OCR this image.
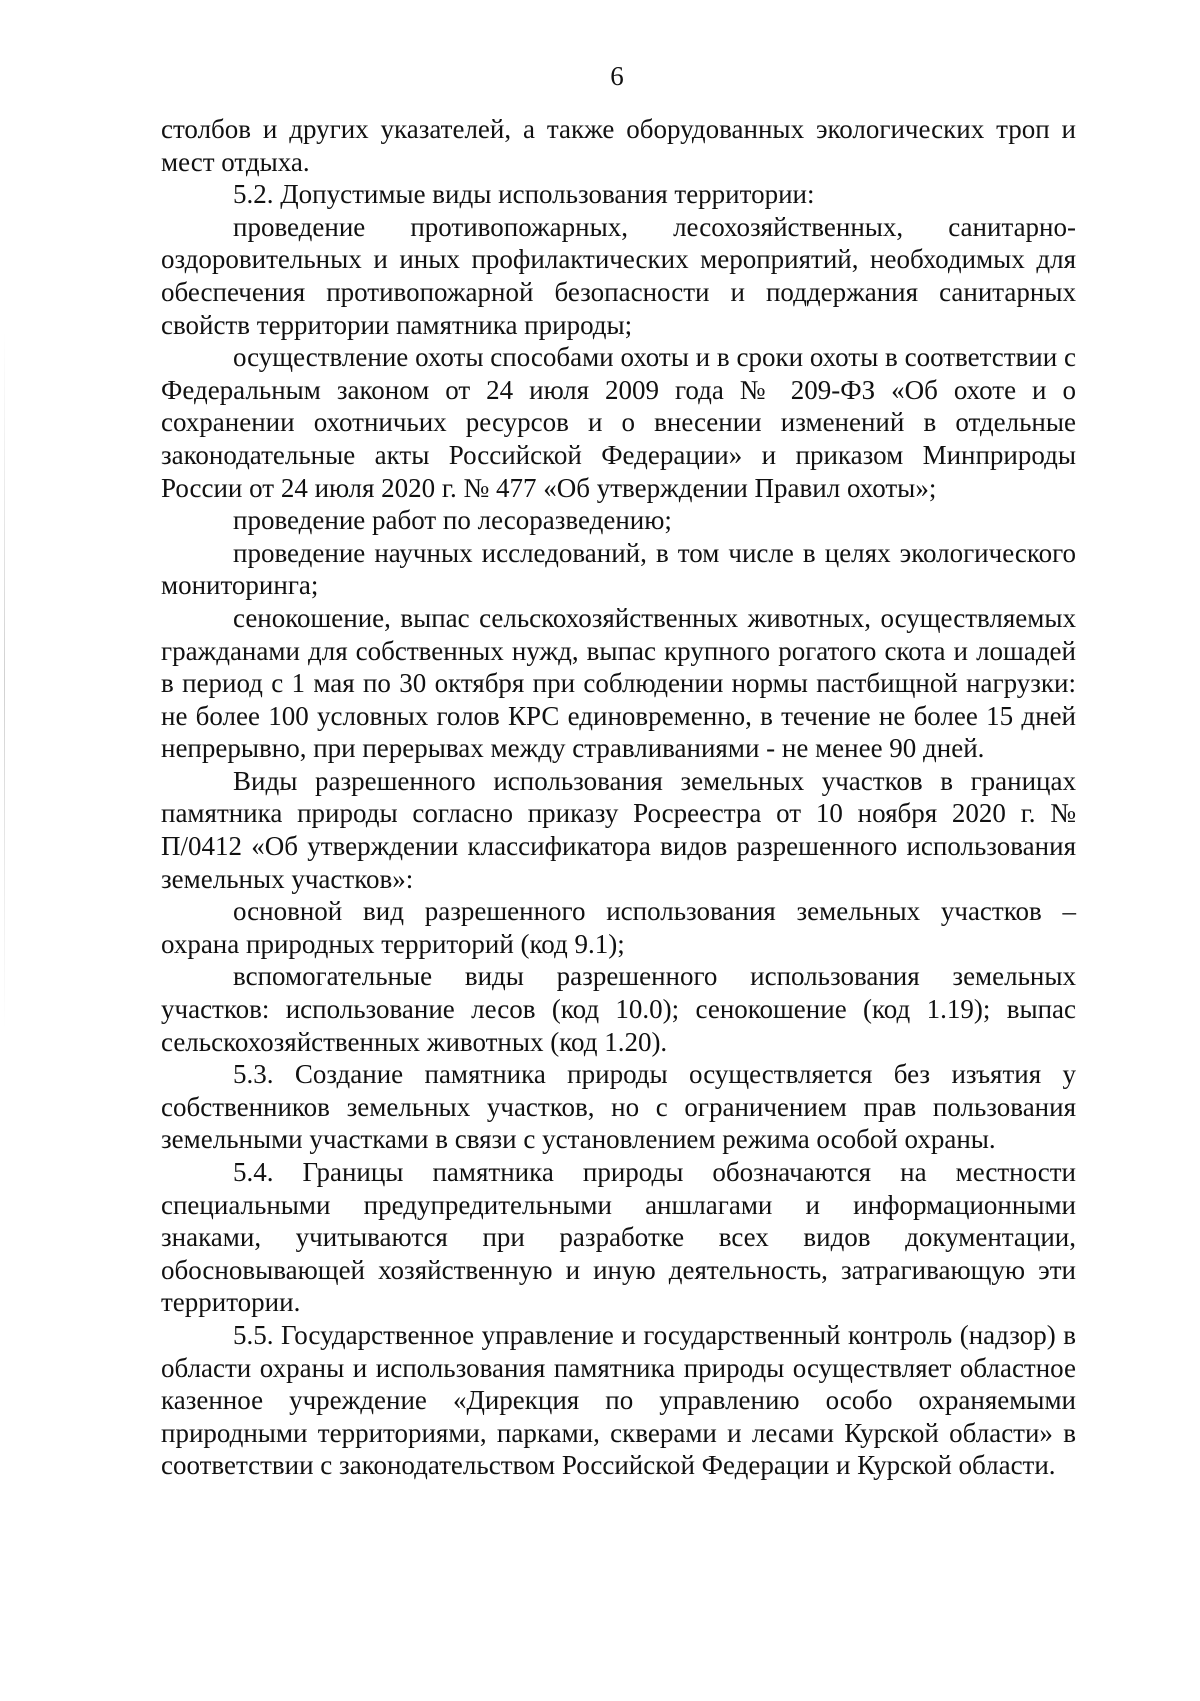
6

столбов и других указателей, а также оборудованных экологических троп и мест отдыха.

5.2. Допустимые виды использования территории:

проведение противопожарных, лесохозяйственных, санитарно-оздоровительных и иных профилактических мероприятий, необходимых для обеспечения противопожарной безопасности и поддержания санитарных свойств территории памятника природы;

осуществление охоты способами охоты и в сроки охоты в соответствии с Федеральным законом от 24 июля 2009 года № 209-ФЗ «Об охоте и о сохранении охотничьих ресурсов и о внесении изменений в отдельные законодательные акты Российской Федерации» и приказом Минприроды России от 24 июля 2020 г. № 477 «Об утверждении Правил охоты»;

проведение работ по лесоразведению;

проведение научных исследований, в том числе в целях экологического мониторинга;

сенокошение, выпас сельскохозяйственных животных, осуществляемых гражданами для собственных нужд, выпас крупного рогатого скота и лошадей в период с 1 мая по 30 октября при соблюдении нормы пастбищной нагрузки: не более 100 условных голов КРС единовременно, в течение не более 15 дней непрерывно, при перерывах между стравливаниями - не менее 90 дней.

Виды разрешенного использования земельных участков в границах памятника природы согласно приказу Росреестра от 10 ноября 2020 г. № П/0412 «Об утверждении классификатора видов разрешенного использования земельных участков»:

основной вид разрешенного использования земельных участков – охрана природных территорий (код 9.1);

вспомогательные виды разрешенного использования земельных участков: использование лесов (код 10.0); сенокошение (код 1.19); выпас сельскохозяйственных животных (код 1.20).

5.3. Создание памятника природы осуществляется без изъятия у собственников земельных участков, но с ограничением прав пользования земельными участками в связи с установлением режима особой охраны.

5.4. Границы памятника природы обозначаются на местности специальными предупредительными аншлагами и информационными знаками, учитываются при разработке всех видов документации, обосновывающей хозяйственную и иную деятельность, затрагивающую эти территории.

5.5. Государственное управление и государственный контроль (надзор) в области охраны и использования памятника природы осуществляет областное казенное учреждение «Дирекция по управлению особо охраняемыми природными территориями, парками, скверами и лесами Курской области» в соответствии с законодательством Российской Федерации и Курской области.
